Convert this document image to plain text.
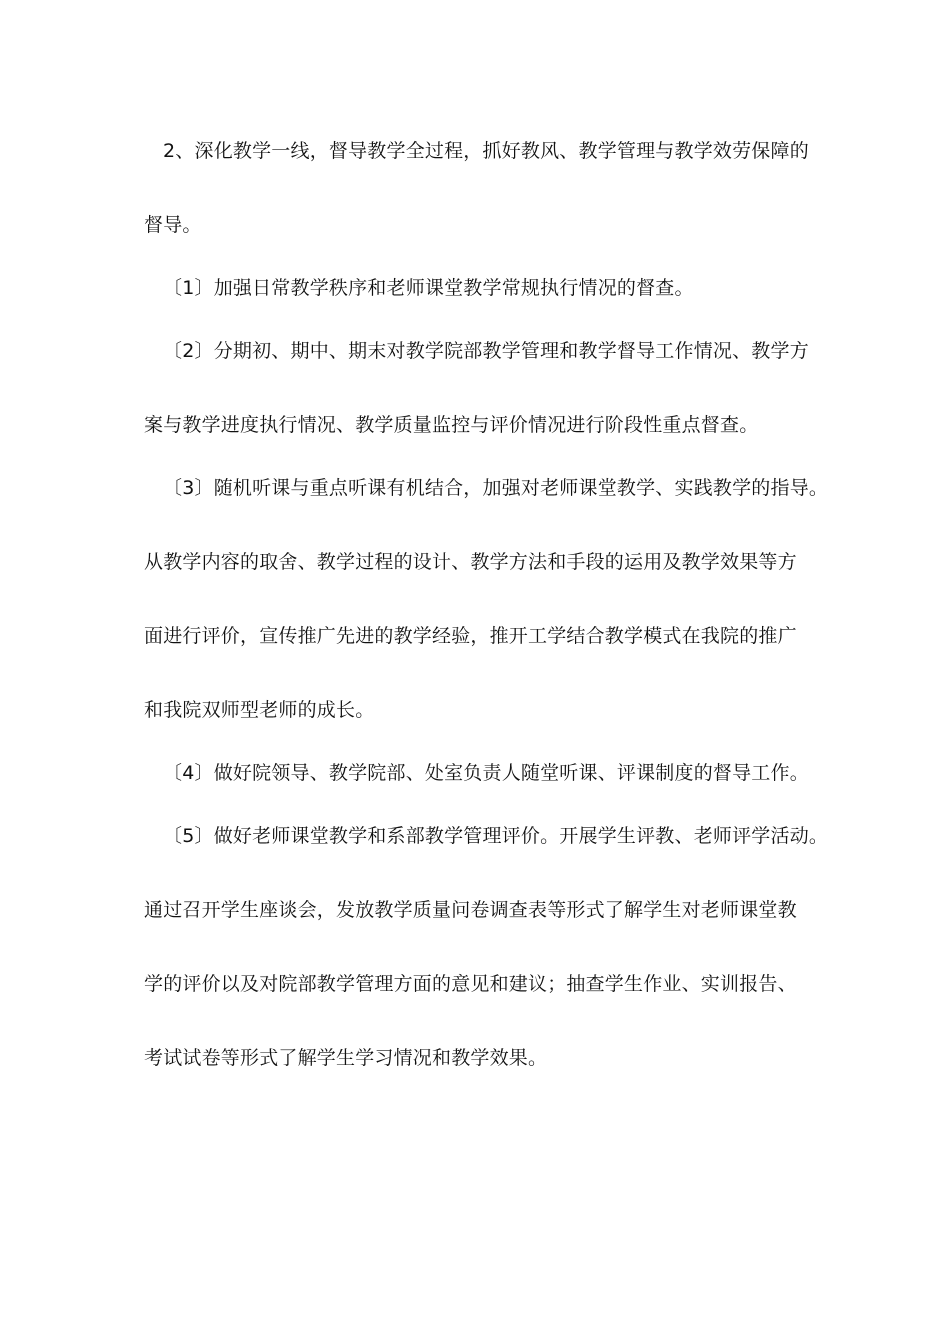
2、深化教学一线，督导教学全过程，抓好教风、教学管理与教学效劳保障的
督导。
〔1〕加强日常教学秩序和老师课堂教学常规执行情况的督查。
〔2〕分期初、期中、期末对教学院部教学管理和教学督导工作情况、教学方
案与教学进度执行情况、教学质量监控与评价情况进行阶段性重点督查。
〔3〕随机听课与重点听课有机结合，加强对老师课堂教学、实践教学的指导。
从教学内容的取舍、教学过程的设计、教学方法和手段的运用及教学效果等方
面进行评价，宣传推广先进的教学经验，推开工学结合教学模式在我院的推广
和我院双师型老师的成长。
〔4〕做好院领导、教学院部、处室负责人随堂听课、评课制度的督导工作。
〔5〕做好老师课堂教学和系部教学管理评价。开展学生评教、老师评学活动。
通过召开学生座谈会，发放教学质量问卷调查表等形式了解学生对老师课堂教
学的评价以及对院部教学管理方面的意见和建议；抽查学生作业、实训报告、
考试试卷等形式了解学生学习情况和教学效果。
